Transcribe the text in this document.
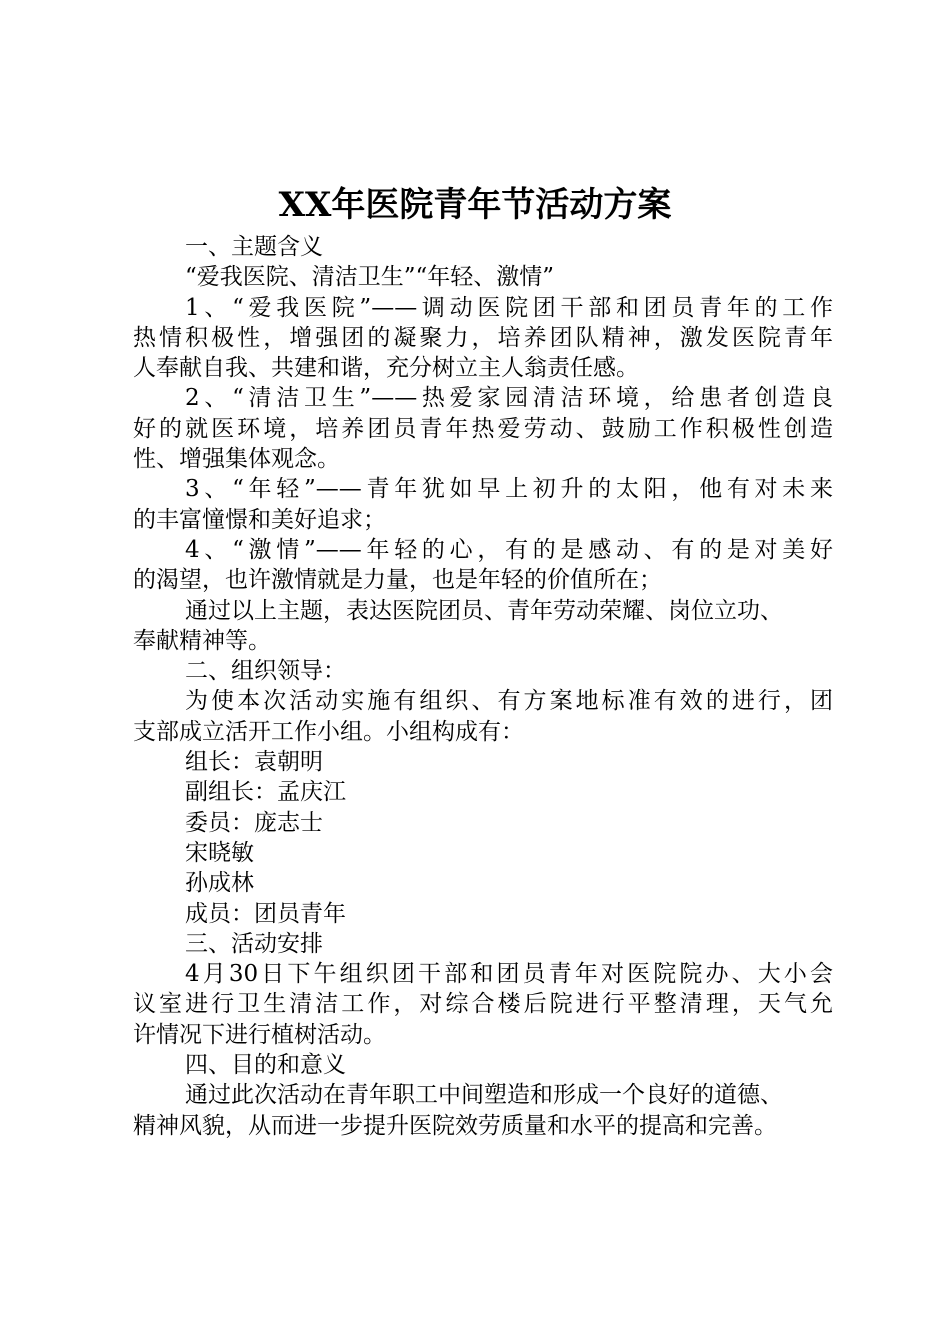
XX年医院青年节活动方案
一、主题含义
“爱我医院、清洁卫生”“年轻、激情”
1、“爱我医院”——调动医院团干部和团员青年的工作
热情积极性，增强团的凝聚力，培养团队精神，激发医院青年
人奉献自我、共建和谐，充分树立主人翁责任感。
2、“清洁卫生”——热爱家园清洁环境，给患者创造良
好的就医环境，培养团员青年热爱劳动、鼓励工作积极性创造
性、增强集体观念。
3、“年轻”——青年犹如早上初升的太阳，他有对未来
的丰富憧憬和美好追求；
4、“激情”——年轻的心，有的是感动、有的是对美好
的渴望，也许激情就是力量，也是年轻的价值所在；
通过以上主题，表达医院团员、青年劳动荣耀、岗位立功、
奉献精神等。
二、组织领导：
为使本次活动实施有组织、有方案地标准有效的进行，团
支部成立活开工作小组。小组构成有：
组长：袁朝明
副组长：孟庆江
委员：庞志士
宋晓敏
孙成林
成员：团员青年
三、活动安排
4月30日下午组织团干部和团员青年对医院院办、大小会
议室进行卫生清洁工作，对综合楼后院进行平整清理，天气允
许情况下进行植树活动。
四、目的和意义
通过此次活动在青年职工中间塑造和形成一个良好的道德、
精神风貌，从而进一步提升医院效劳质量和水平的提高和完善。
